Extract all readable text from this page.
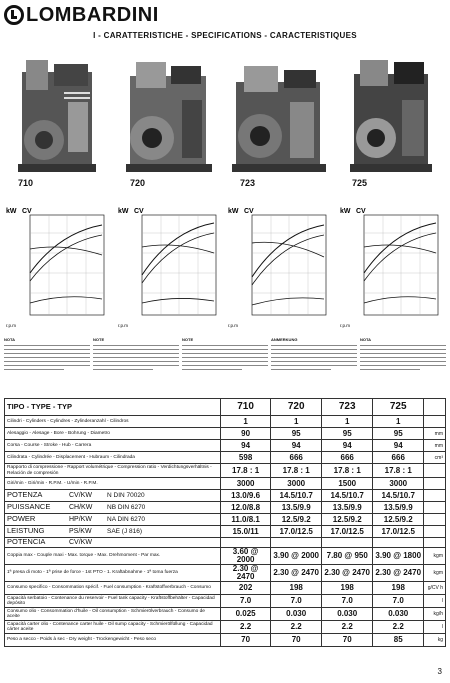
LOMBARDINI
I - CARATTERISTICHE - SPECIFICATIONS - CARACTERISTIQUES
710	720	723	725
kW CV
r.p.m
kW CV
r.p.m
kW CV
r.p.m
kW CV
r.p.m
NOTA	NOTE	NOTE	ANMERKUNG	NOTA
TIPO - TYPE - TYP	710	720	723	725	
Cilindri - Cylinders - Cylindres - Zylinderanzahl - Cilindros	1	1	1	1	
Alesaggio - Alesage - Bore - Bohrung - Diametro	90	95	95	95	mm
Corsa - Course - Stroke - Hub - Carrera	94	94	94	94	mm
Cilindrata - Cylindrée - Displacement - Hubraum - Cilindrada	598	666	666	666	cm³
Rapporto di compressione - Rapport volumétrique - Compression ratio - Verdichtungsverhältnis - Relación de compresión	17.8 : 1	17.8 : 1	17.8 : 1	17.8 : 1	
Giri/min - Giri/min - R.P.M. - U/min - R.P.M.	3000	3000	1500	3000	
POTENZA CV/KW N DIN 70020	13.0/9.6	14.5/10.7	14.5/10.7	14.5/10.7	
PUISSANCE CH/KW NB DIN 6270	12.0/8.8	13.5/9.9	13.5/9.9	13.5/9.9	
POWER HP/KW NA DIN 6270	11.0/8.1	12.5/9.2	12.5/9.2	12.5/9.2	
LEISTUNG PS/KW SAE (J 816)	15.0/11	17.0/12.5	17.0/12.5	17.0/12.5	
POTENCIA CV/KW					
Coppia max - Couple maxi - Max. torque - Max. Drehmoment - Par max.	3.60 @ 2000	3.90 @ 2000	7.80 @ 950	3.90 @ 1800	kgm
1ª presa di moto - 1ª prise de force - 1st PTO - 1. Kraftabnahme - 1ª toma fuerza	2.30 @ 2470	2.30 @ 2470	2.30 @ 2470	2.30 @ 2470	kgm
Consumo specifico - Consommation spécif. - Fuel consumption - Kraftstoffverbrauch - Consumo	202	198	198	198	g/CV h
Capacità serbatoio - Contenance du reservoir - Fuel tank capacity - Kraftstoffbehälter - Capacidad depósito	7.0	7.0	7.0	7.0	l
Consumo olio - Consommation d'huile - Oil consumption - Schmierölverbrauch - Consumo de aceite	0.025	0.030	0.030	0.030	kg/h
Capacità carter olio - Contenance carter huile - Oil sump capacity - Schmierölfüllung - Capacidad cárter aceite	2.2	2.2	2.2	2.2	l
Peso a secco - Poids à sec - Dry weight - Trockengewicht - Peso seco	70	70	70	85	kg
3
